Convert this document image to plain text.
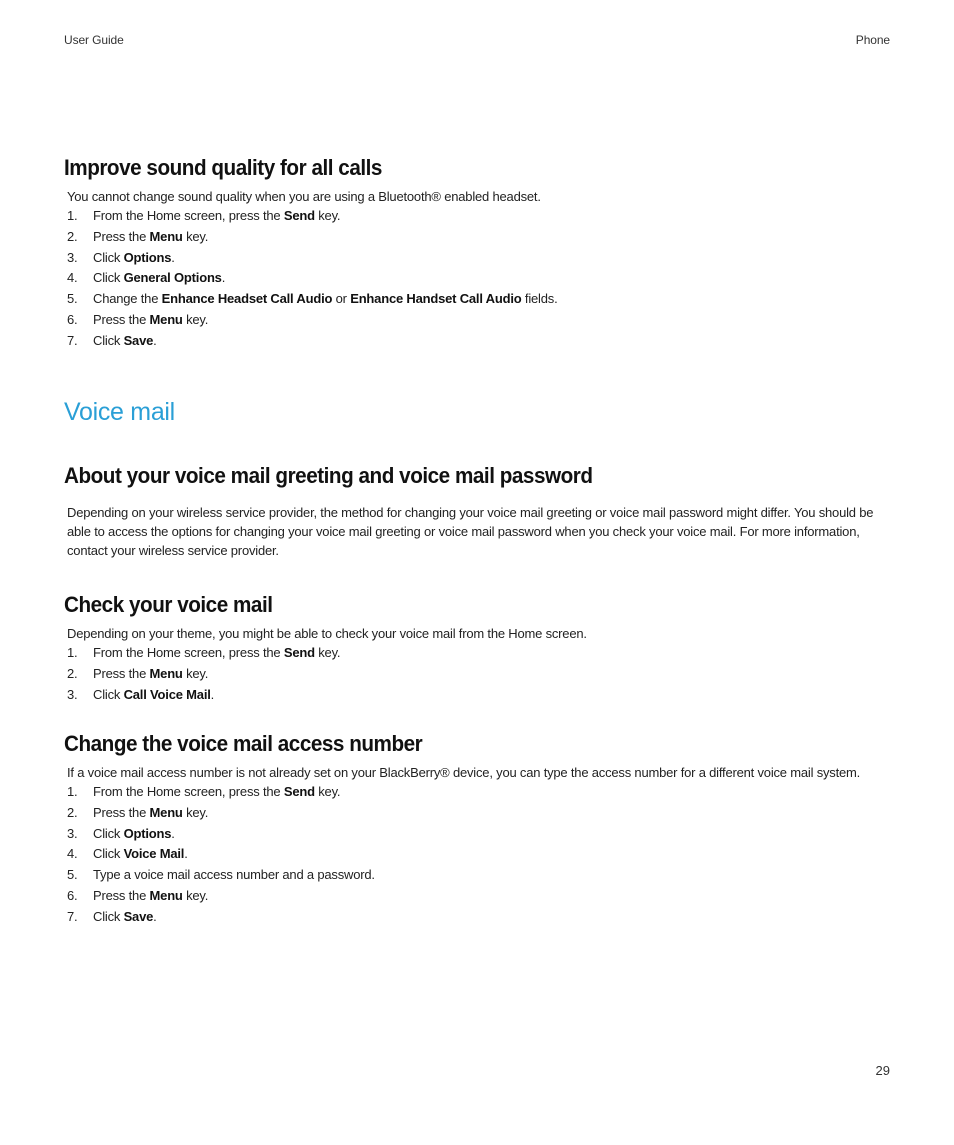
User Guide	Phone
Improve sound quality for all calls

You cannot change sound quality when you are using a Bluetooth® enabled headset.

1. From the Home screen, press the Send key.
2. Press the Menu key.
3. Click Options.
4. Click General Options.
5. Change the Enhance Headset Call Audio or Enhance Handset Call Audio fields.
6. Press the Menu key.
7. Click Save.
Voice mail
About your voice mail greeting and voice mail password

Depending on your wireless service provider, the method for changing your voice mail greeting or voice mail password might differ. You should be able to access the options for changing your voice mail greeting or voice mail password when you check your voice mail. For more information, contact your wireless service provider.

Check your voice mail

Depending on your theme, you might be able to check your voice mail from the Home screen.

1. From the Home screen, press the Send key.
2. Press the Menu key.
3. Click Call Voice Mail.
Change the voice mail access number

If a voice mail access number is not already set on your BlackBerry® device, you can type the access number for a different voice mail system.

1. From the Home screen, press the Send key.
2. Press the Menu key.
3. Click Options.
4. Click Voice Mail.
5. Type a voice mail access number and a password.
6. Press the Menu key.
7. Click Save.
29
